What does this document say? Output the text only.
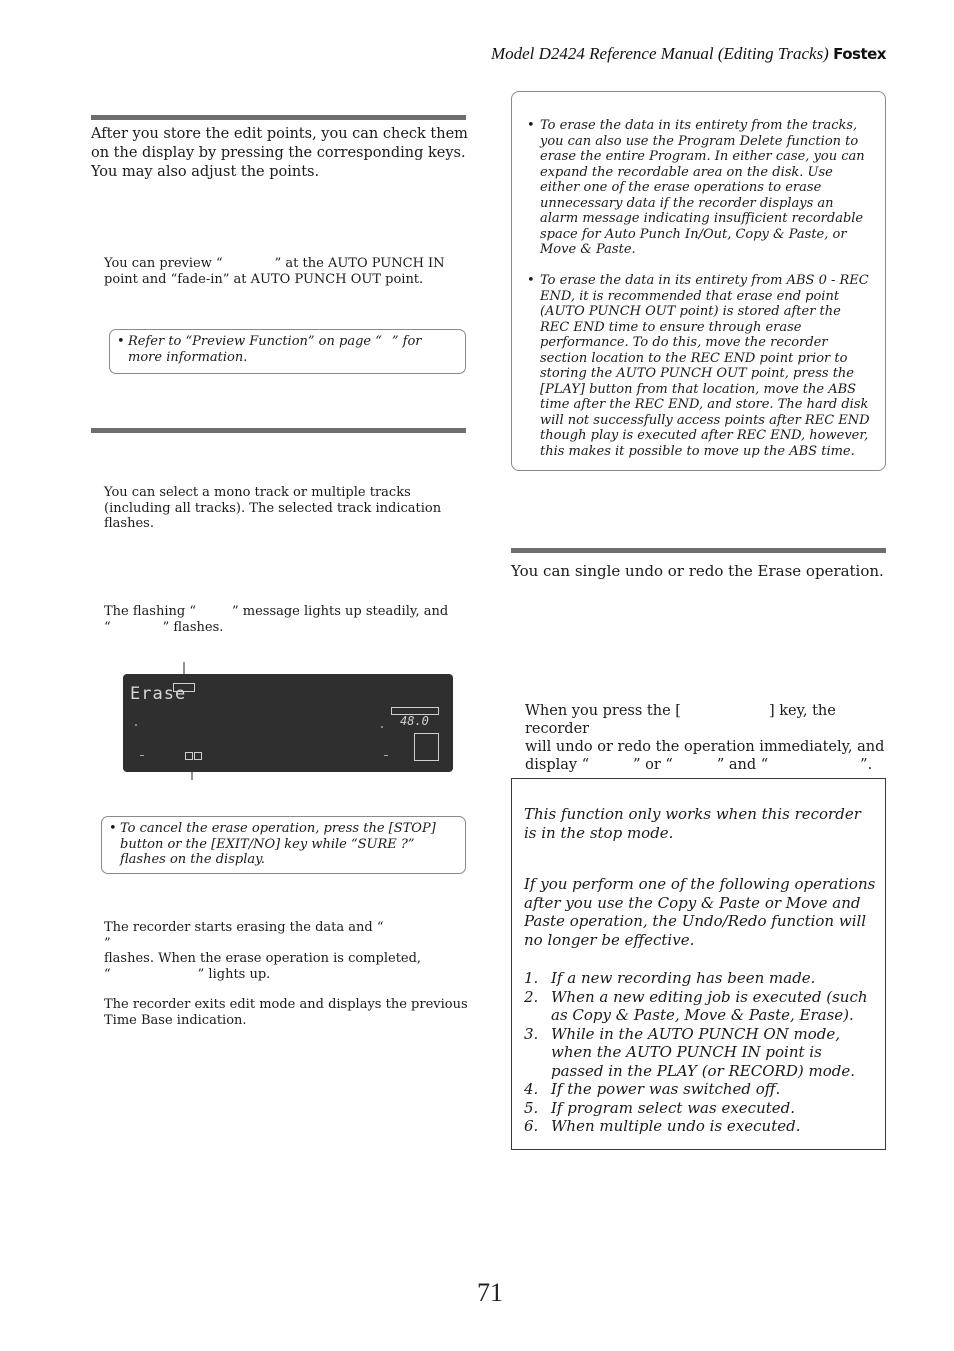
Model D2424 Reference Manual (Editing Tracks) Fostex
After you store the edit points, you can check them on the display by pressing the corresponding keys. You may also adjust the points.
You can preview “	” at the AUTO PUNCH IN point and “fade-in” at AUTO PUNCH OUT point.
• Refer to “Preview Function” on page “ ” for more information.
You can select a mono track or multiple tracks (including all tracks). The selected track indication flashes.
The flashing “	” message lights up steadily, and
“	” flashes.
Erase
48.0
• To cancel the erase operation, press the [STOP] button or the [EXIT/NO] key while “SURE ?” flashes on the display.
The recorder starts erasing the data and “”
flashes. When the erase operation is completed,
“	” lights up.
The recorder exits edit mode and displays the previous Time Base indication.
• To erase the data in its entirety from the tracks, you can also use the Program Delete function to erase the entire Program. In either case, you can expand the recordable area on the disk. Use either one of the erase operations to erase unnecessary data if the recorder displays an alarm message indicating insufficient recordable space for Auto Punch In/Out, Copy & Paste, or Move & Paste.
• To erase the data in its entirety from ABS 0 - REC END, it is recommended that erase end point (AUTO PUNCH OUT point) is stored after the REC END time to ensure through erase performance. To do this, move the recorder section location to the REC END point prior to storing the AUTO PUNCH OUT point, press the [PLAY] button from that location, move the ABS time after the REC END, and store. The hard disk will not successfully access points after REC END though play is executed after REC END, however, this makes it possible to move up the ABS time.
You can single undo or redo the Erase operation.
When you press the [	] key, the recorder
will undo or redo the operation immediately, and
display “	” or “	” and “	”.
This function only works when this recorder is in the stop mode.
If you perform one of the following operations after you use the Copy & Paste or Move and Paste operation, the Undo/Redo function will no longer be effective.
1. If a new recording has been made.
2. When a new editing job is executed (such as Copy & Paste, Move & Paste, Erase).
3. While in the AUTO PUNCH ON mode, when the AUTO PUNCH IN point is passed in the PLAY (or RECORD) mode.
4. If the power was switched off.
5. If program select was executed.
6. When multiple undo is executed.
71
